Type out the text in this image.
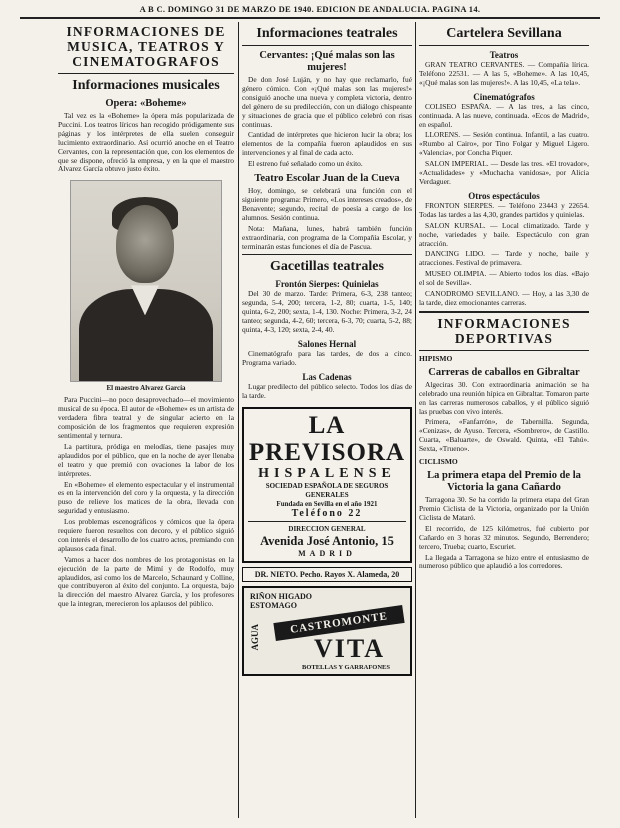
A B C. DOMINGO 31 DE MARZO DE 1940. EDICION DE ANDALUCIA. PAGINA 14.
INFORMACIONES DE MUSICA, TEATROS Y CINEMATOGRAFOS
Informaciones musicales
Opera: «Boheme»

Tal vez es la «Boheme» la ópera más popularizada de Puccini. Los teatros líricos han recogido pródigamente sus páginas y los intérpretes de ella suelen conseguir lucimiento extraordinario. Así ocurrió anoche en el Teatro Cervantes, con la representación que, con los elementos de que se dispone, ofreció la empresa, y en la que el maestro Alvarez García obtuvo justo éxito.

El maestro Alvarez García

Para Puccini—no poco desaprovechado—el movimiento musical de su época. El autor de «Boheme» es un artista de verdadera fibra teatral y de singular acierto en la composición de los fragmentos que requieren expresión sentimental y ternura.

La partitura, pródiga en melodías, tiene pasajes muy aplaudidos por el público, que en la noche de ayer llenaba el teatro y que premió con ovaciones la labor de los intérpretes.

En «Boheme» el elemento espectacular y el instrumental es en la intervención del coro y la orquesta, y la dirección puso de relieve los matices de la obra, llevada con seguridad y entusiasmo.

Los problemas escenográficos y cómicos que la ópera requiere fueron resueltos con decoro, y el público siguió con interés el desarrollo de los cuatro actos, premiando con aplausos cada final.

Vamos a hacer dos nombres de los protagonistas en la ejecución de la parte de Mimí y de Rodolfo, muy aplaudidos, así como los de Marcelo, Schaunard y Colline, que contribuyeron al éxito del conjunto. La orquesta, bajo la dirección del maestro Alvarez García, y los profesores que la integran, merecieron los aplausos del público.

Informaciones teatrales
Cervantes: ¡Qué malas son las mujeres!

De don José Luján, y no hay que reclamarlo, fué género cómico. Con «¡Qué malas son las mujeres!» consiguió anoche una nueva y completa victoria, dentro del género de su predilección, con un diálogo chispeante y situaciones de gracia que el público celebró con risas continuas.

Cantidad de intérpretes que hicieron lucir la obra; los elementos de la compañía fueron aplaudidos en sus intervenciones y al final de cada acto.

El estreno fué señalado como un éxito.

Teatro Escolar Juan de la Cueva

Hoy, domingo, se celebrará una función con el siguiente programa: Primero, «Los intereses creados», de Benavente; segundo, recital de poesía a cargo de los alumnos. Sesión continua.

Nota: Mañana, lunes, habrá también función extraordinaria, con programa de la Compañía Escolar, y terminarán estas funciones el día de Pascua.

Gacetillas teatrales
Frontón Sierpes: Quinielas

Del 30 de marzo. Tarde: Primera, 6-3, 238 tanteo; segunda, 5-4, 200; tercera, 1-2, 80; cuarta, 1-5, 140; quinta, 6-2, 200; sexta, 1-4, 130. Noche: Primera, 3-2, 24 tanteo; segunda, 4-2, 60; tercera, 6-3, 70; cuarta, 5-2, 88; quinta, 4-3, 120; sexta, 2-4, 40.

Salones Hernal

Cinematógrafo para las tardes, de dos a cinco. Programa variado.

Las Cadenas

Lugar predilecto del público selecto. Todos los días de la tarde.

LA PREVISORA
HISPALENSE
SOCIEDAD ESPAÑOLA DE SEGUROS GENERALES
Fundada en Sevilla en el año 1921
Teléfono 22
DIRECCION GENERAL
Avenida José Antonio, 15
MADRID
DR. NIETO. Pecho. Rayos X. Alameda, 20
RIÑON HIGADO ESTOMAGO
AGUA
CASTROMONTE
VITA
BOTELLAS Y GARRAFONES
Cartelera Sevillana
Teatros

GRAN TEATRO CERVANTES. — Compañía lírica. Teléfono 22531. — A las 5, «Boheme». A las 10,45, «¡Qué malas son las mujeres!». A las 10,45, «La tela».

Cinematógrafos

COLISEO ESPAÑA. — A las tres, a las cinco, continuada. A las nueve, continuada. «Ecos de Madrid», en español.

LLORENS. — Sesión continua. Infantil, a las cuatro. «Rumbo al Cairo», por Tino Folgar y Miguel Ligero. «Valencia», por Concha Piquer.

SALON IMPERIAL. — Desde las tres. «El trovador», «Actualidades» y «Muchacha vanidosa», por Alicia Verdaguer.

Otros espectáculos

FRONTON SIERPES. — Teléfono 23443 y 22654. Todas las tardes a las 4,30, grandes partidos y quinielas.

SALON KURSAL. — Local climatizado. Tarde y noche, variedades y baile. Espectáculo con gran atracción.

DANCING LIDO. — Tarde y noche, baile y atracciones. Festival de primavera.

MUSEO OLIMPIA. — Abierto todos los días. «Bajo el sol de Sevilla».

CANODROMO SEVILLANO. — Hoy, a las 3,30 de la tarde, diez emocionantes carreras.

INFORMACIONES DEPORTIVAS
HIPISMO
Carreras de caballos en Gibraltar

Algeciras 30. Con extraordinaria animación se ha celebrado una reunión hípica en Gibraltar. Tomaron parte en las carreras numerosos caballos, y el público siguió las pruebas con vivo interés.

Primera, «Fanfarrón», de Tabernilla. Segunda, «Cenizas», de Ayuso. Tercera, «Sombrero», de Castillo. Cuarta, «Baluarte», de Oswald. Quinta, «El Tahú». Sexta, «Trueno».

CICLISMO
La primera etapa del Premio de la Victoria la gana Cañardo

Tarragona 30. Se ha corrido la primera etapa del Gran Premio Ciclista de la Victoria, organizado por la Unión Ciclista de Mataró.

El recorrido, de 125 kilómetros, fué cubierto por Cañardo en 3 horas 32 minutos. Segundo, Berrendero; tercero, Trueba; cuarto, Escuriet.

La llegada a Tarragona se hizo entre el entusiasmo de numeroso público que aplaudió a los corredores.
